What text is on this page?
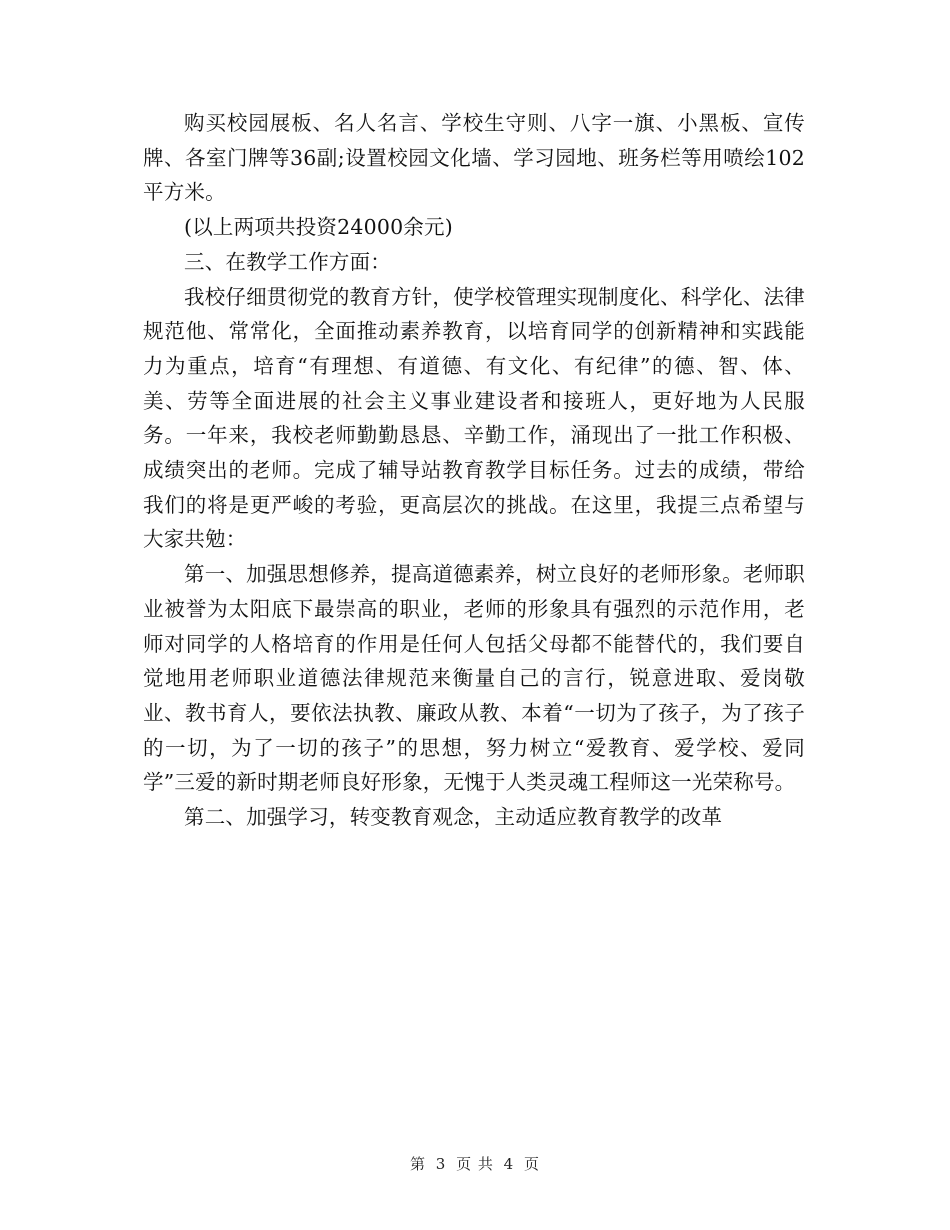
购买校园展板、名人名言、学校生守则、八字一旗、小黑板、宣传牌、各室门牌等36副;设置校园文化墙、学习园地、班务栏等用喷绘102平方米。

(以上两项共投资24000余元)

三、在教学工作方面：

我校仔细贯彻党的教育方针，使学校管理实现制度化、科学化、法律规范他、常常化，全面推动素养教育，以培育同学的创新精神和实践能力为重点，培育“有理想、有道德、有文化、有纪律”的德、智、体、美、劳等全面进展的社会主义事业建设者和接班人，更好地为人民服务。一年来，我校老师勤勤恳恳、辛勤工作，涌现出了一批工作积极、成绩突出的老师。完成了辅导站教育教学目标任务。过去的成绩，带给我们的将是更严峻的考验，更高层次的挑战。在这里，我提三点希望与大家共勉：

第一、加强思想修养，提高道德素养，树立良好的老师形象。老师职业被誉为太阳底下最崇高的职业，老师的形象具有强烈的示范作用，老师对同学的人格培育的作用是任何人包括父母都不能替代的，我们要自觉地用老师职业道德法律规范来衡量自己的言行，锐意进取、爱岗敬业、教书育人，要依法执教、廉政从教、本着“一切为了孩子，为了孩子的一切，为了一切的孩子”的思想，努力树立“爱教育、爱学校、爱同学”三爱的新时期老师良好形象，无愧于人类灵魂工程师这一光荣称号。

第二、加强学习，转变教育观念，主动适应教育教学的改革

第 3 页 共 4 页
